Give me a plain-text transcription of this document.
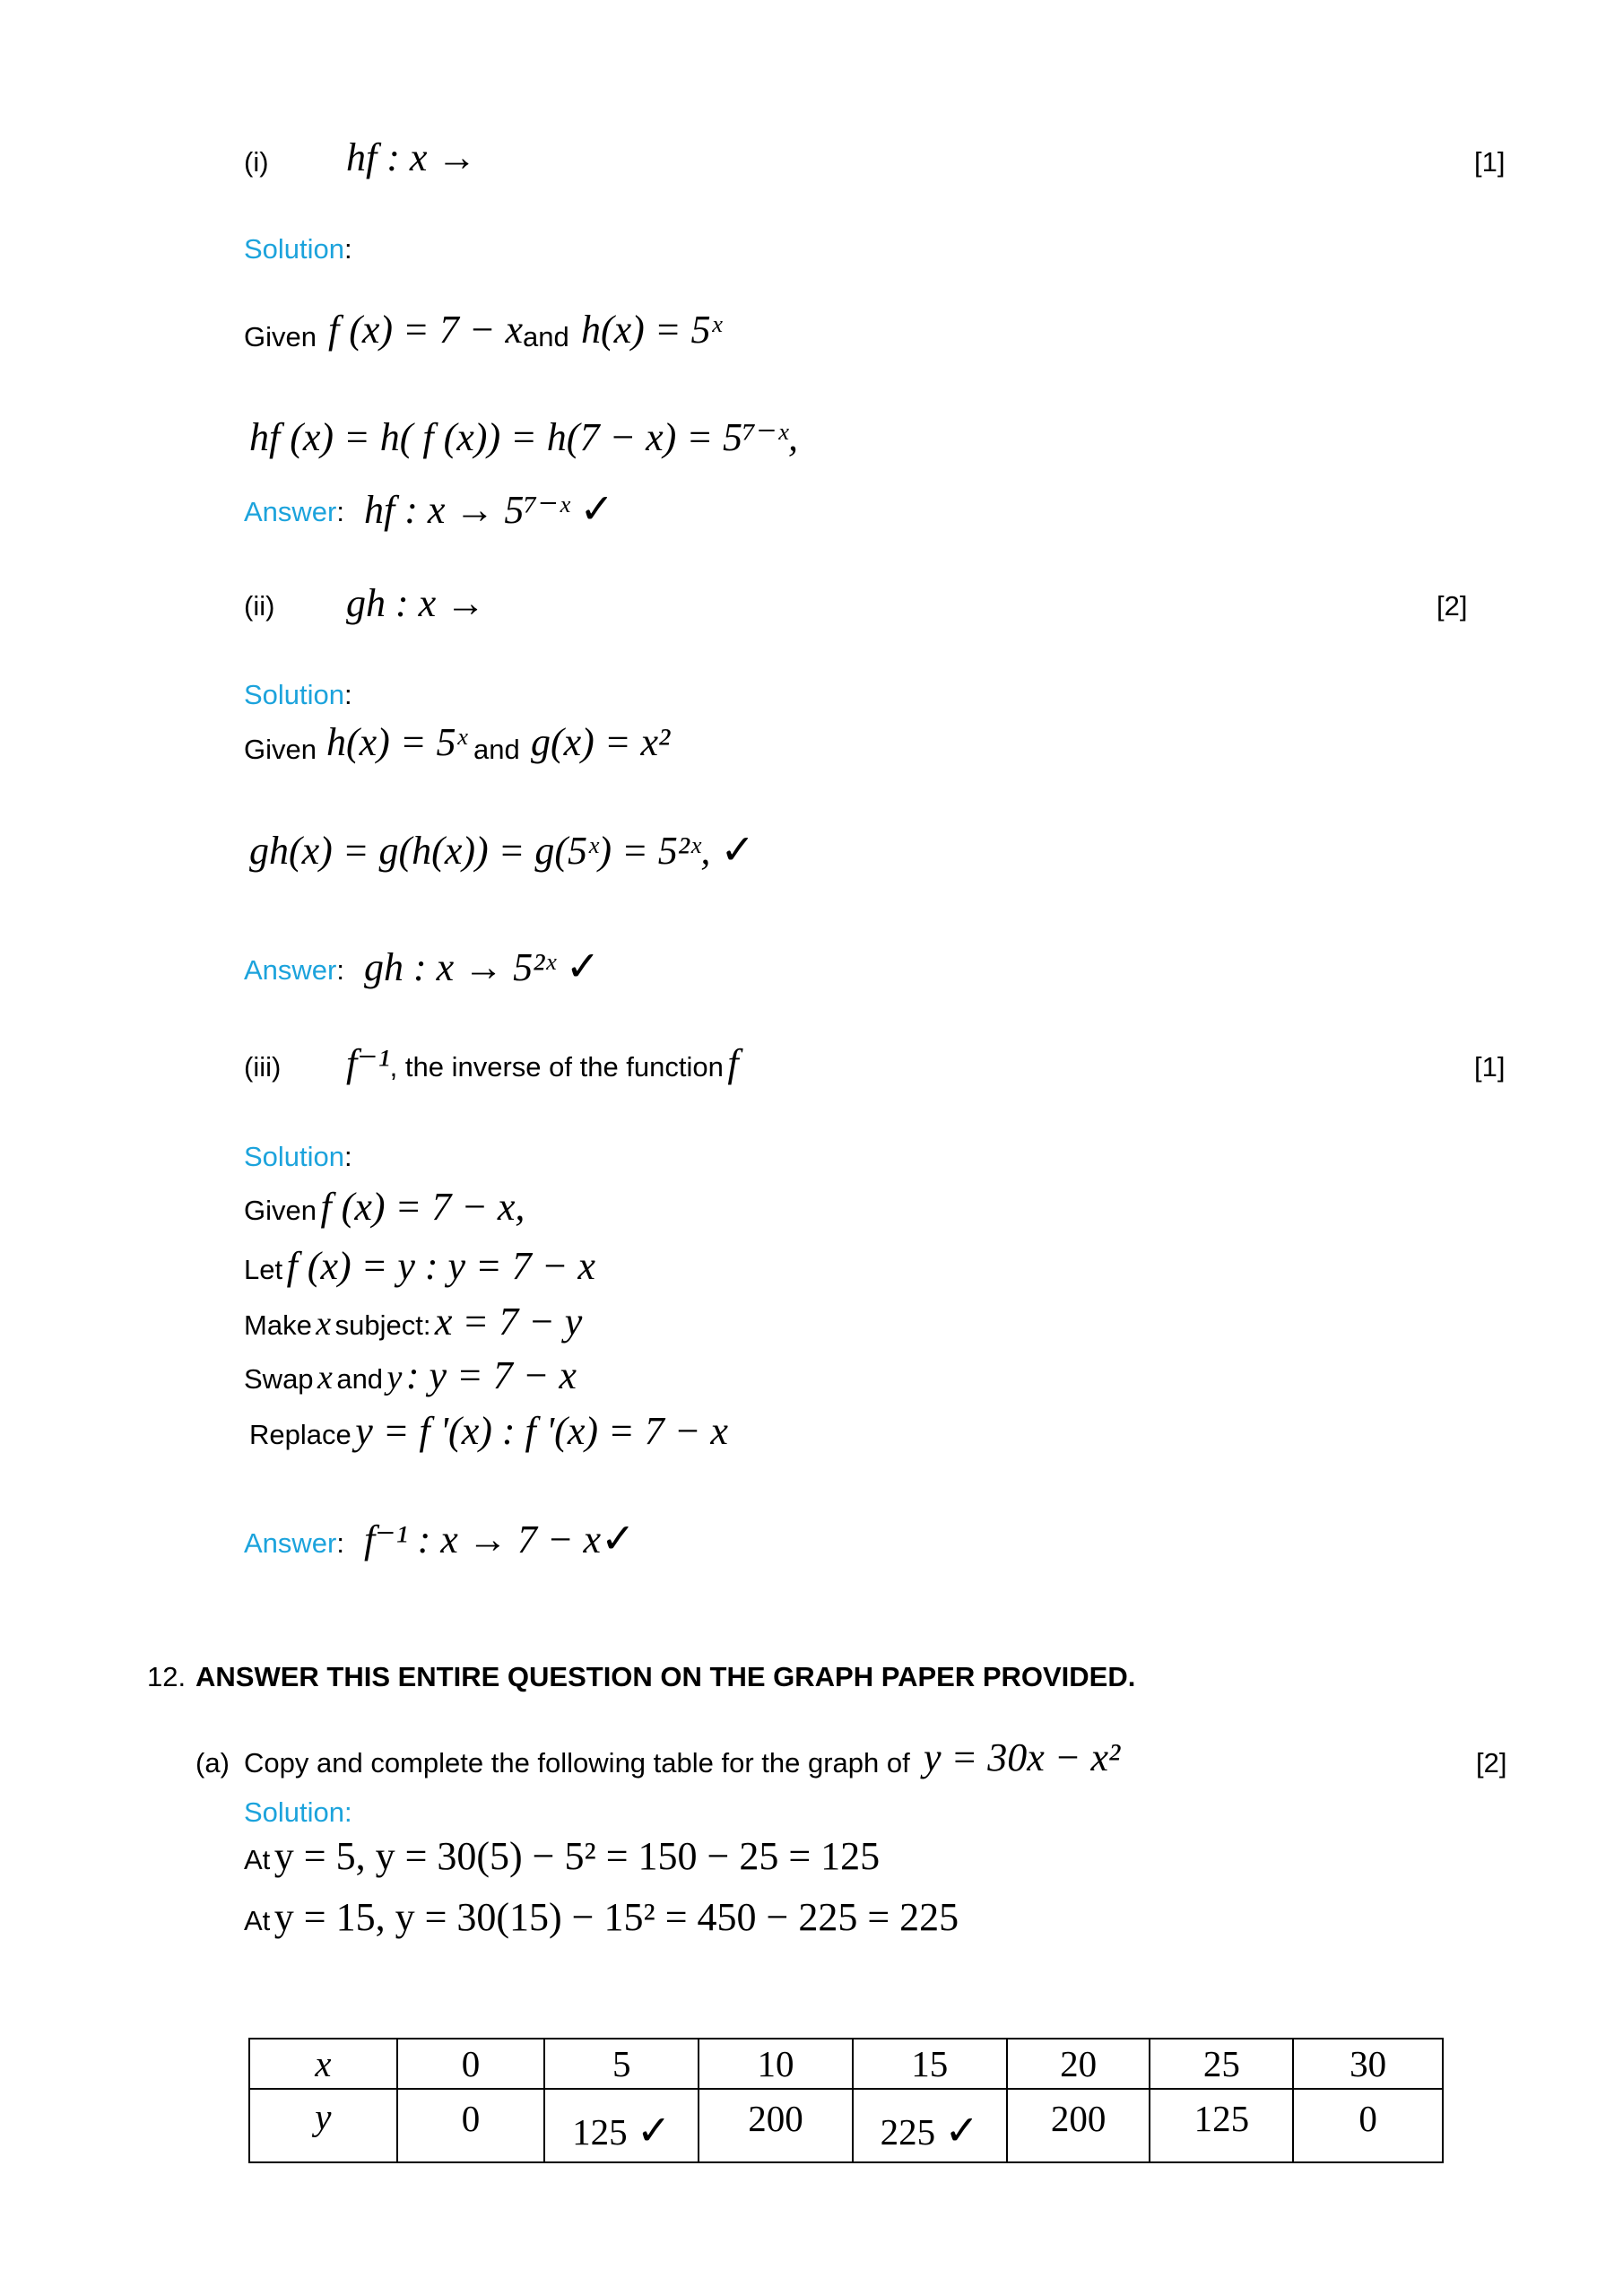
(i) hf : x →	[1]
Solution:
Given f (x) = 7 − x and h(x) = 5ˣ
hf (x) = h( f (x)) = h(7 − x) = 5⁷⁻ˣ,
Answer: hf : x → 5⁷⁻ˣ ✓
(ii) gh : x →	[2]
Solution:
Given h(x) = 5ˣ and g(x) = x²
gh(x) = g(h(x)) = g(5ˣ) = 5²ˣ, ✓
Answer: gh : x → 5²ˣ ✓
(iii) f⁻¹, the inverse of the function f	[1]
Solution:
Given f (x) = 7 − x,
Let f (x) = y : y = 7 − x
Make x subject: x = 7 − y
Swap x and y : y = 7 − x
Replace y = f '(x) : f '(x) = 7 − x
Answer: f⁻¹ : x → 7 − x✓
12. ANSWER THIS ENTIRE QUESTION ON THE GRAPH PAPER PROVIDED.
(a) Copy and complete the following table for the graph of y = 30x − x²	[2]
Solution:
At y = 5, y = 30(5) − 5² = 150 − 25 = 125
At y = 15, y = 30(15) − 15² = 450 − 225 = 225
x	0	5	10	15	20	25	30
y	0	125 ✓	200	225 ✓	200	125	0
